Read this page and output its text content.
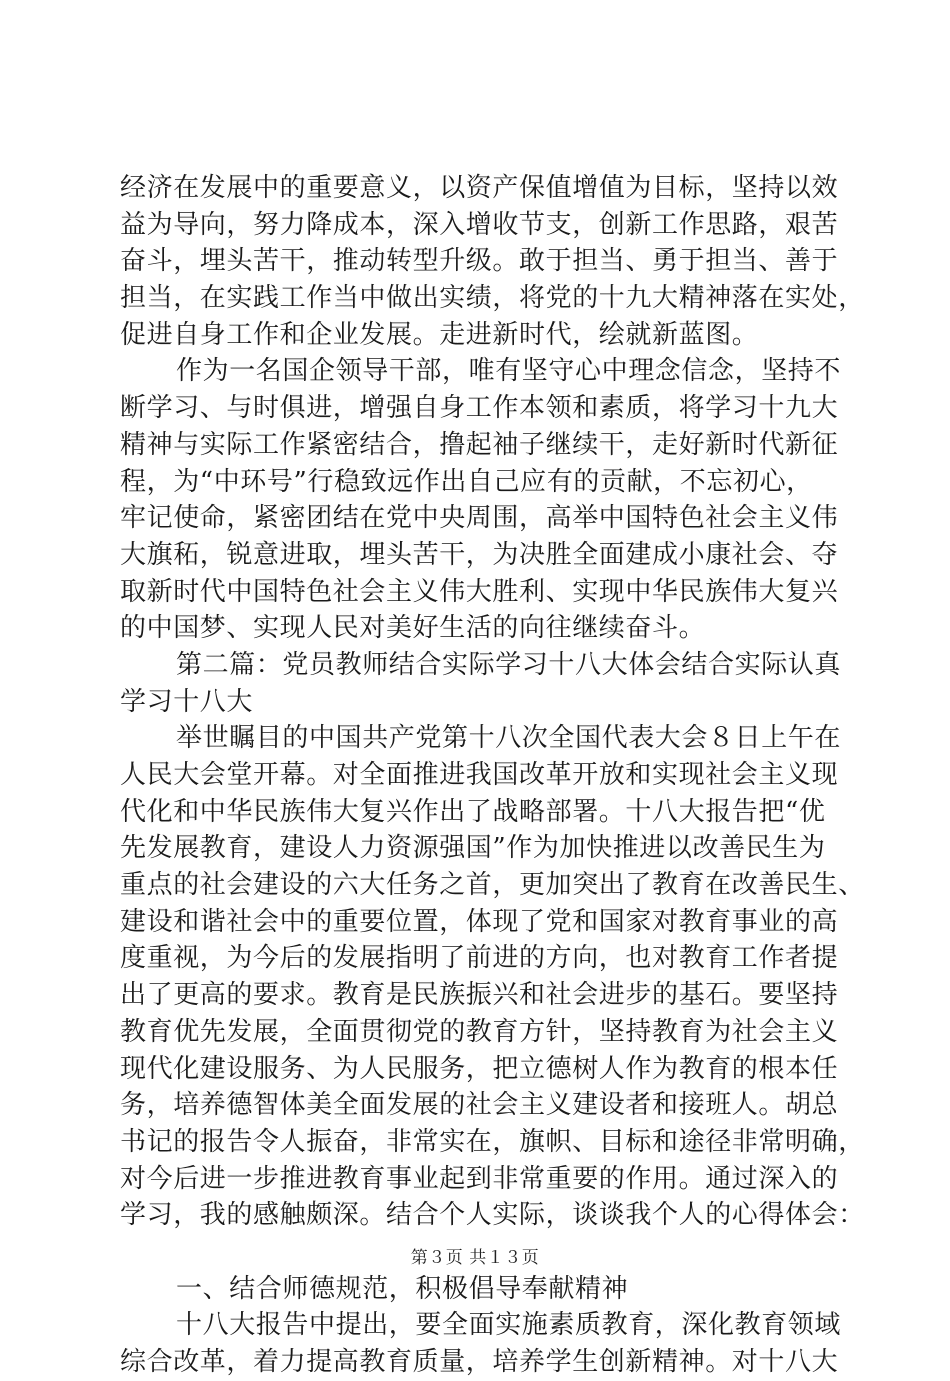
经济在发展中的重要意义，以资产保值增值为目标，坚持以效
益为导向，努力降成本，深入增收节支，创新工作思路，艰苦
奋斗，埋头苦干，推动转型升级。敢于担当、勇于担当、善于
担当，在实践工作当中做出实绩，将党的十九大精神落在实处，
促进自身工作和企业发展。走进新时代，绘就新蓝图。
作为一名国企领导干部，唯有坚守心中理念信念，坚持不
断学习、与时俱进，增强自身工作本领和素质，将学习十九大
精神与实际工作紧密结合，撸起袖子继续干，走好新时代新征
程，为“中环号”行稳致远作出自己应有的贡献，不忘初心，
牢记使命，紧密团结在党中央周围，高举中国特色社会主义伟
大旗䄷，锐意进取，埋头苦干，为决胜全面建成小康社会、夺
取新时代中国特色社会主义伟大胜利、实现中华民族伟大复兴
的中国梦、实现人民对美好生活的向往继续奋斗。
第二篇：党员教师结合实际学习十八大体会结合实际认真
学习十八大
举世瞩目的中国共产党第十八次全国代表大会８日上午在
人民大会堂开幕。对全面推进我国改革开放和实现社会主义现
代化和中华民族伟大复兴作出了战略部署。十八大报告把“优
先发展教育，建设人力资源强国”作为加快推进以改善民生为
重点的社会建设的六大任务之首，更加突出了教育在改善民生、
建设和谐社会中的重要位置，体现了党和国家对教育事业的高
度重视，为今后的发展指明了前进的方向，也对教育工作者提
出了更高的要求。教育是民族振兴和社会进步的基石。要坚持
教育优先发展，全面贯彻党的教育方针，坚持教育为社会主义
现代化建设服务、为人民服务，把立德树人作为教育的根本任
务，培养德智体美全面发展的社会主义建设者和接班人。胡总
书记的报告令人振奋，非常实在，旗帜、目标和途径非常明确，
对今后进一步推进教育事业起到非常重要的作用。通过深入的
学习，我的感触颇深。结合个人实际，谈谈我个人的心得体会：
一、结合师德规范，积极倡导奉献精神
十八大报告中提出，要全面实施素质教育，深化教育领域
综合改革，着力提高教育质量，培养学生创新精神。对十八大
第３页 共１３页
